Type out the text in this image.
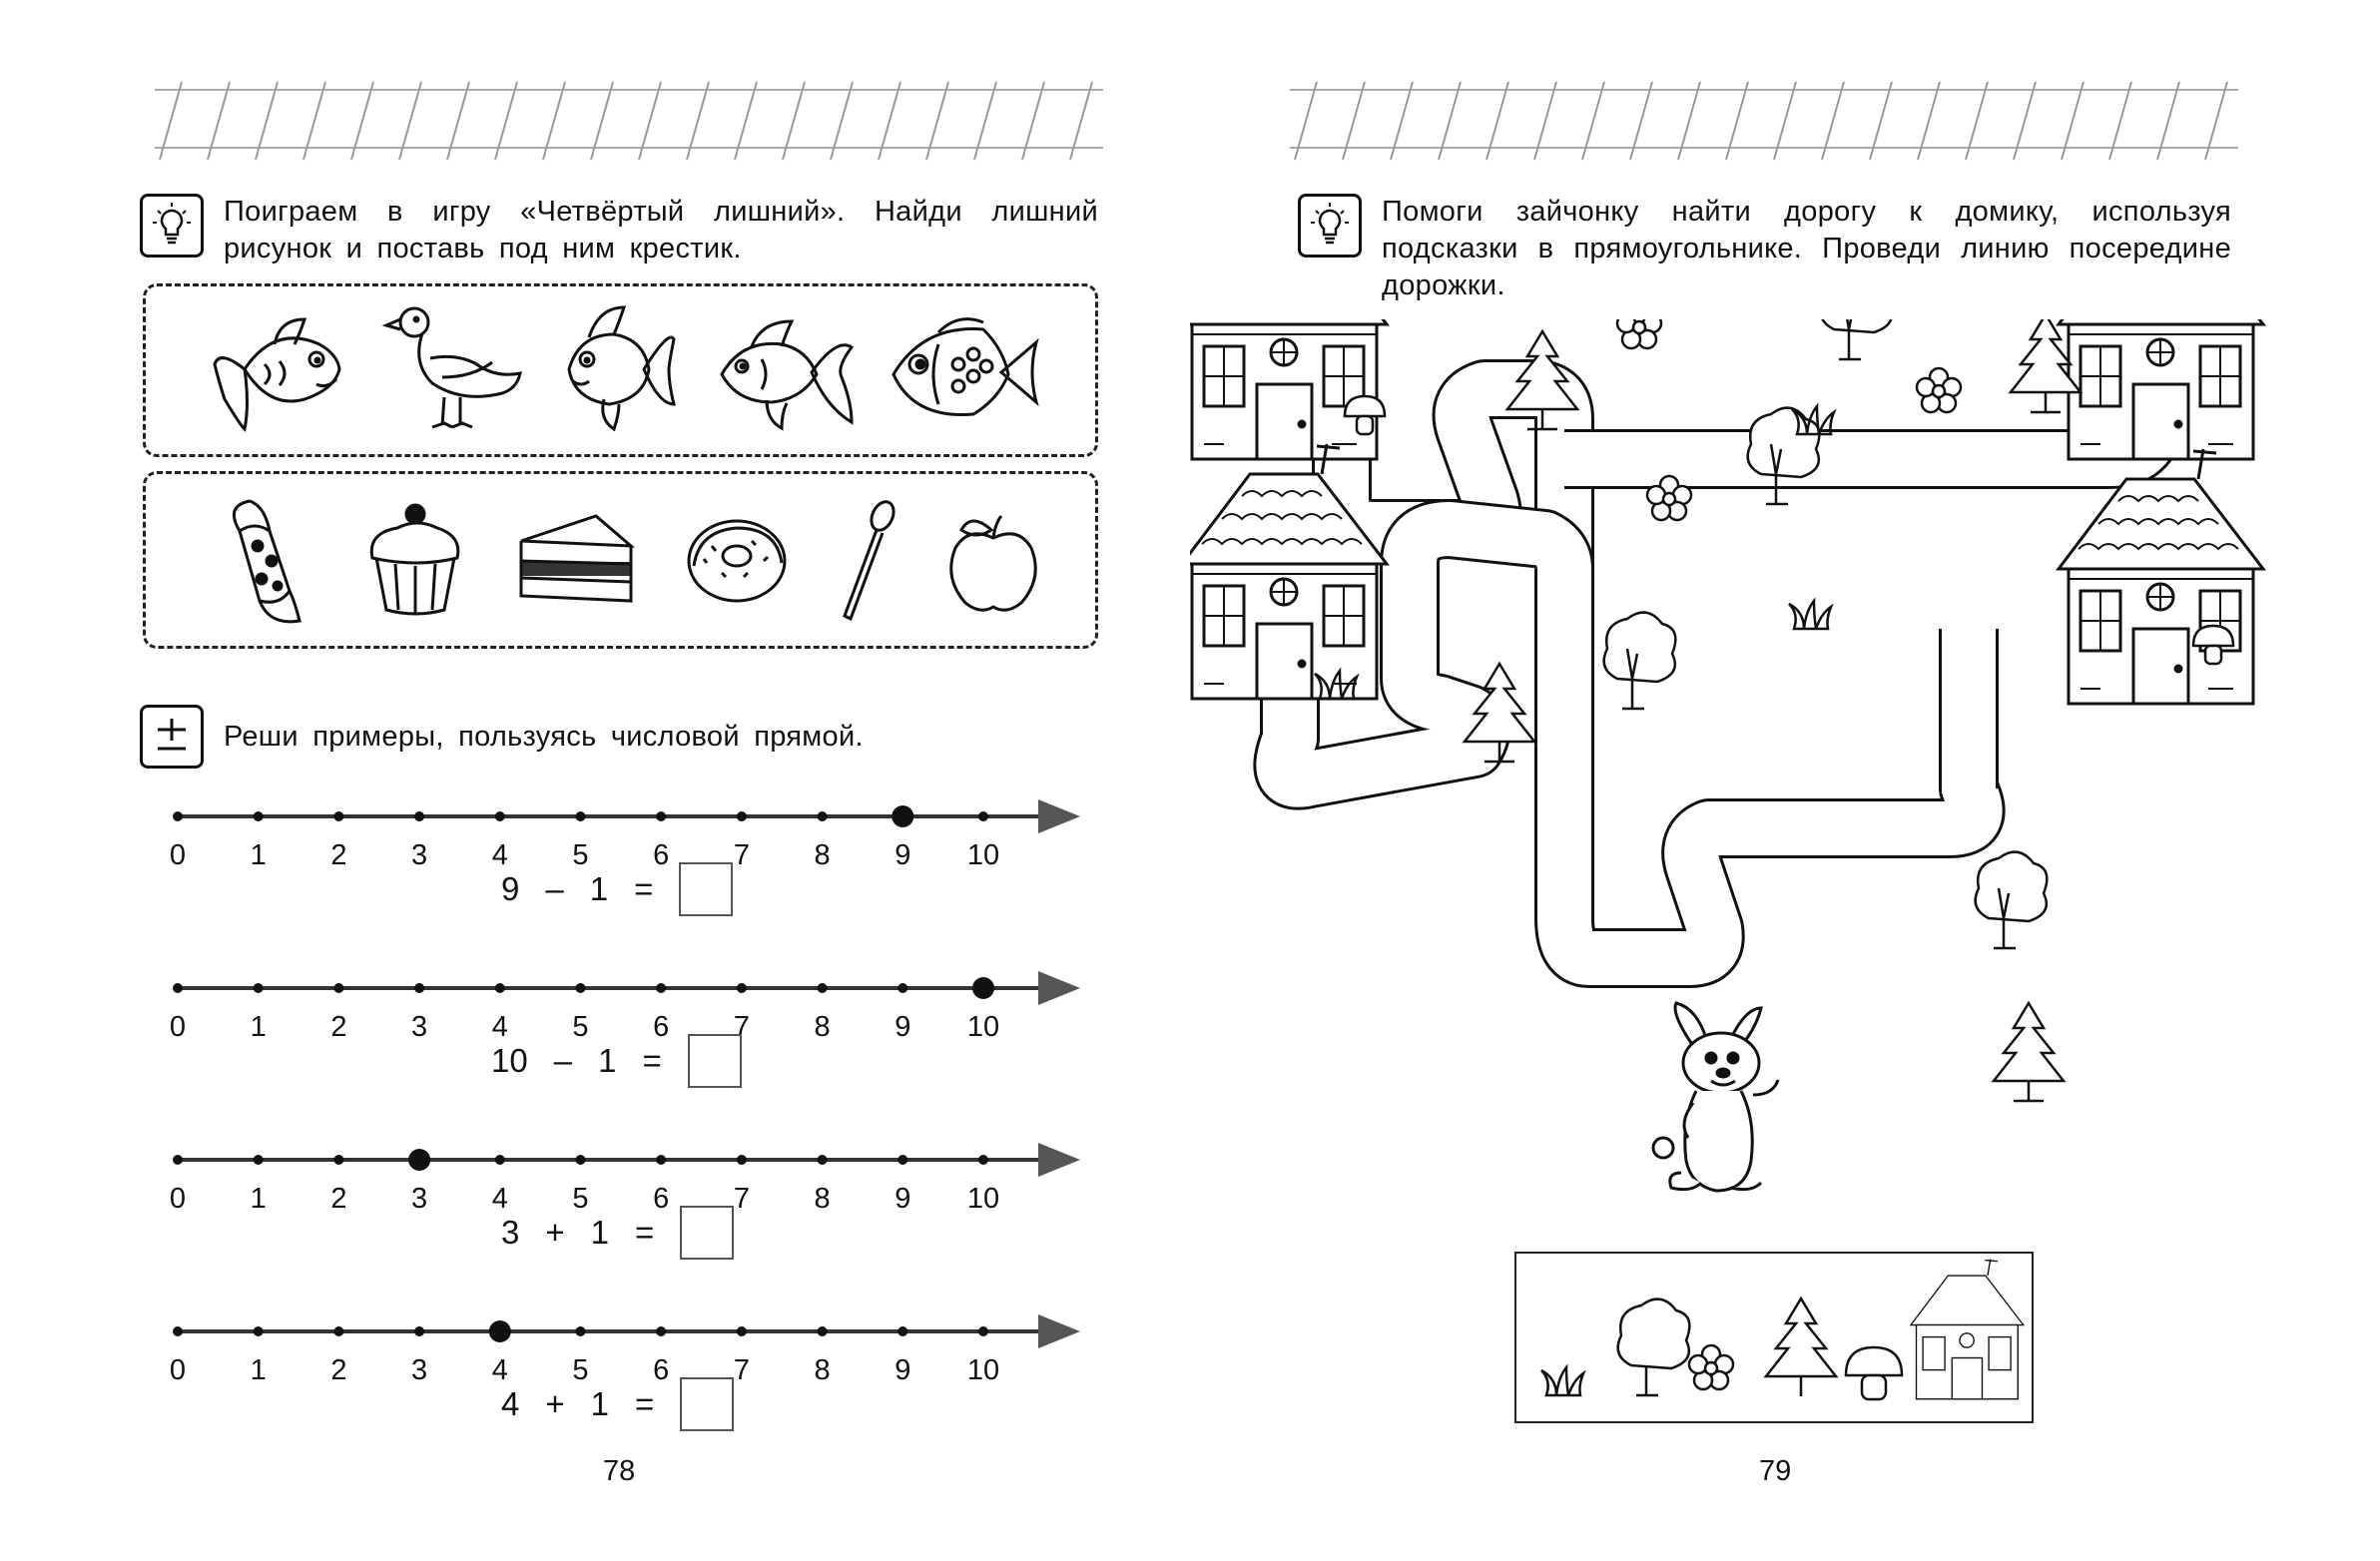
Поиграем в игру «Четвёртый лишний». Найди лишний рисунок и поставь под ним крестик.
Реши примеры, пользуясь числовой прямой.
0 1 2 3 4 5 6 7 8 9 10
9 – 1 =
0 1 2 3 4 5 6 7 8 9 10
10 – 1 =
0 1 2 3 4 5 6 7 8 9 10
3 + 1 =
0 1 2 3 4 5 6 7 8 9 10
4 + 1 =
78
Помоги зайчонку найти дорогу к домику, используя подсказки в прямоугольнике. Проведи линию посередине дорожки.
79
